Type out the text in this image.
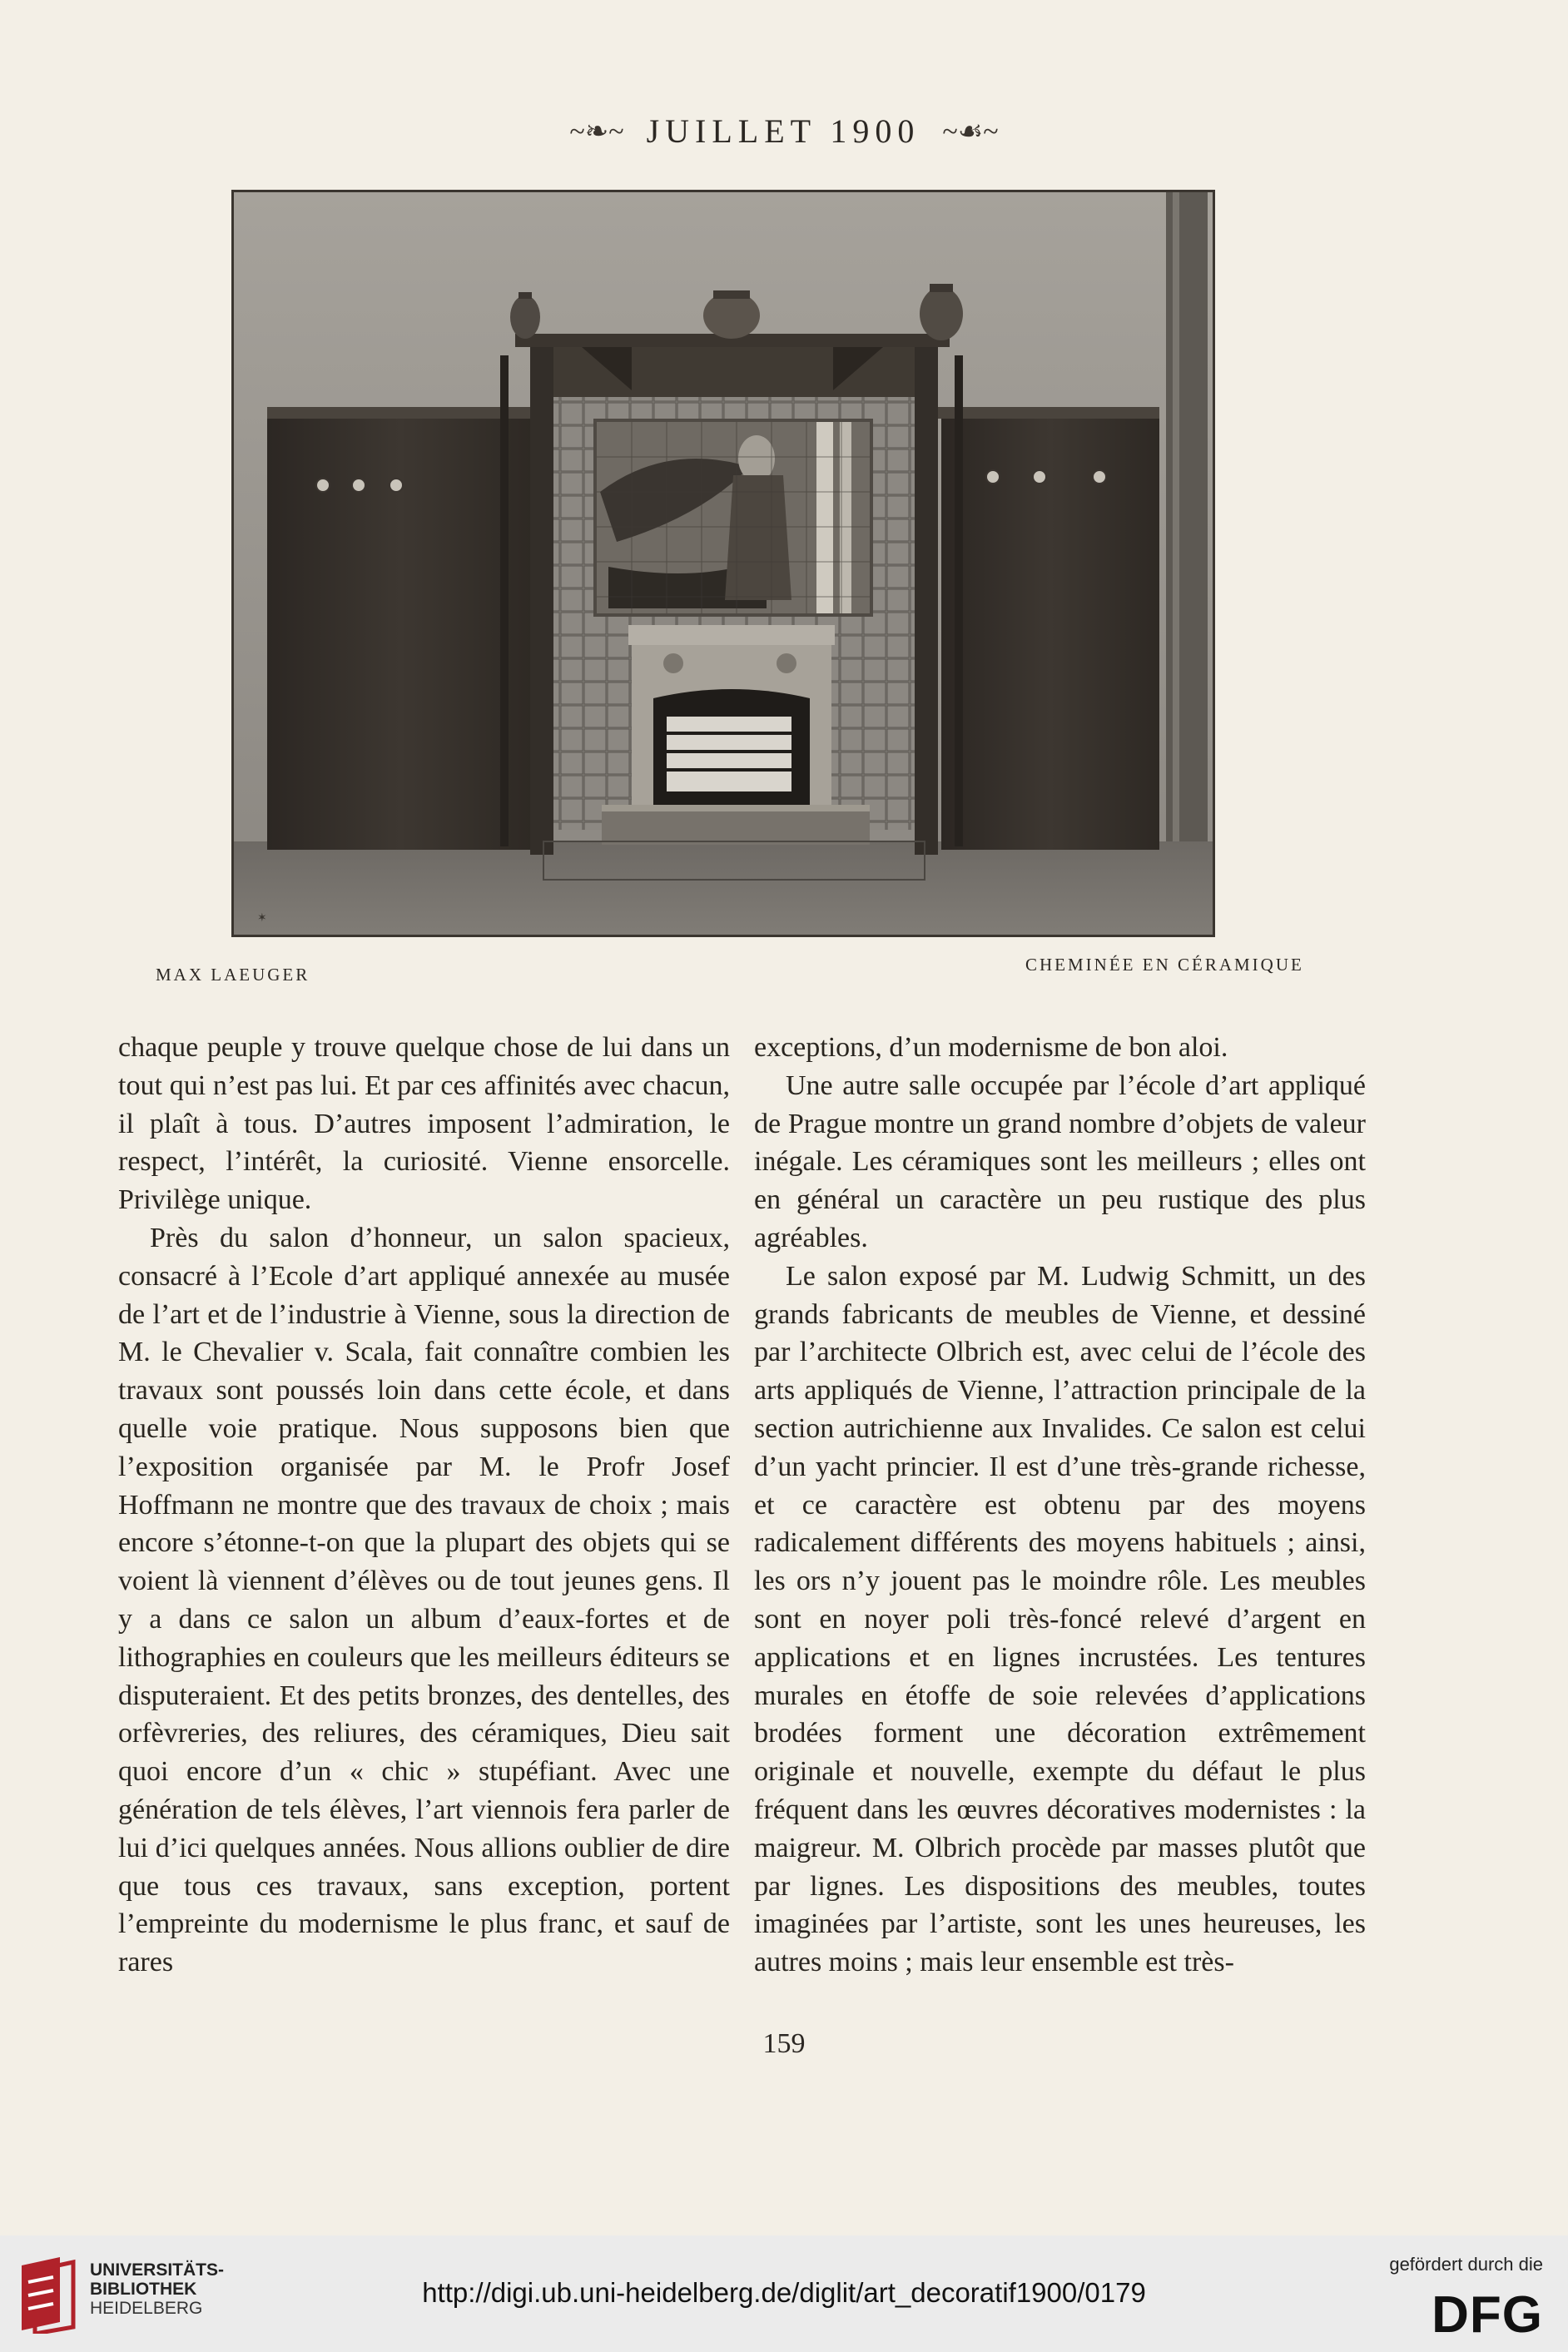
~❧~ JUILLET 1900 ~☙~
✶
MAX LAEUGER	CHEMINÉE EN CÉRAMIQUE

chaque peuple y trouve quelque chose de lui dans un tout qui n’est pas lui. Et par ces affinités avec chacun, il plaît à tous. D’autres imposent l’admiration, le respect, l’intérêt, la curiosité. Vienne ensorcelle. Privilège unique.

Près du salon d’honneur, un salon spacieux, consacré à l’Ecole d’art appliqué annexée au musée de l’art et de l’industrie à Vienne, sous la direction de M. le Chevalier v. Scala, fait connaître combien les travaux sont poussés loin dans cette école, et dans quelle voie pratique. Nous supposons bien que l’exposition organisée par M. le Profr Josef Hoffmann ne montre que des travaux de choix ; mais encore s’étonne-t-on que la plupart des objets qui se voient là viennent d’élèves ou de tout jeunes gens. Il y a dans ce salon un album d’eaux-fortes et de lithographies en couleurs que les meilleurs éditeurs se disputeraient. Et des petits bronzes, des dentelles, des orfèvreries, des reliures, des céramiques, Dieu sait quoi encore d’un « chic » stupéfiant. Avec une génération de tels élèves, l’art viennois fera parler de lui d’ici quelques années. Nous allions oublier de dire que tous ces travaux, sans exception, portent l’empreinte du modernisme le plus franc, et sauf de rares

exceptions, d’un modernisme de bon aloi.

Une autre salle occupée par l’école d’art appliqué de Prague montre un grand nombre d’objets de valeur inégale. Les céramiques sont les meilleurs ; elles ont en général un caractère un peu rustique des plus agréables.

Le salon exposé par M. Ludwig Schmitt, un des grands fabricants de meubles de Vienne, et dessiné par l’architecte Olbrich est, avec celui de l’école des arts appliqués de Vienne, l’attraction principale de la section autrichienne aux Invalides. Ce salon est celui d’un yacht princier. Il est d’une très-grande richesse, et ce caractère est obtenu par des moyens radicalement différents des moyens habituels ; ainsi, les ors n’y jouent pas le moindre rôle. Les meubles sont en noyer poli très-foncé relevé d’argent en applications et en lignes incrustées. Les tentures murales en étoffe de soie relevées d’applications brodées forment une décoration extrêmement originale et nouvelle, exempte du défaut le plus fréquent dans les œuvres décoratives modernistes : la maigreur. M. Olbrich procède par masses plutôt que par lignes. Les dispositions des meubles, toutes imaginées par l’artiste, sont les unes heureuses, les autres moins ; mais leur ensemble est très-

159
UNIVERSITÄTS-
BIBLIOTHEK
HEIDELBERG
http://digi.ub.uni-heidelberg.de/diglit/art_decoratif1900/0179
gefördert durch die
DFG
